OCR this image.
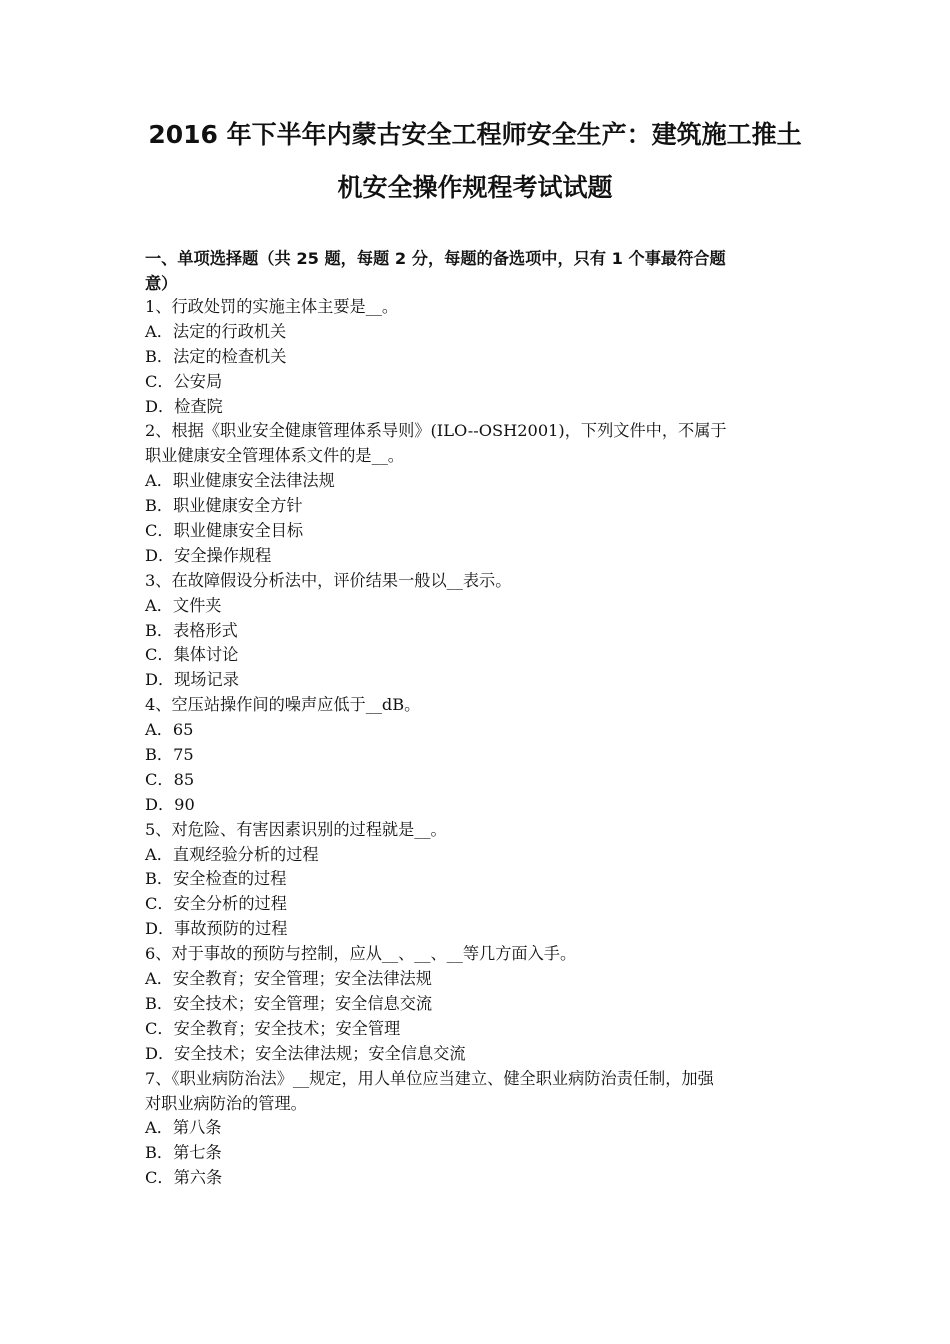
2016 年下半年内蒙古安全工程师安全生产：建筑施工推土
机安全操作规程考试试题
一、单项选择题（共 25 题，每题 2 分，每题的备选项中，只有 1 个事最符合题
意）
1、行政处罚的实施主体主要是__。
A．法定的行政机关
B．法定的检查机关
C．公安局
D．检查院
2、根据《职业安全健康管理体系导则》(ILO--OSH2001)，下列文件中，不属于
职业健康安全管理体系文件的是__。
A．职业健康安全法律法规
B．职业健康安全方针
C．职业健康安全目标
D．安全操作规程
3、在故障假设分析法中，评价结果一般以__表示。
A．文件夹
B．表格形式
C．集体讨论
D．现场记录
4、空压站操作间的噪声应低于__dB。
A．65
B．75
C．85
D．90
5、对危险、有害因素识别的过程就是__。
A．直观经验分析的过程
B．安全检查的过程
C．安全分析的过程
D．事故预防的过程
6、对于事故的预防与控制，应从__、__、__等几方面入手。
A．安全教育；安全管理；安全法律法规
B．安全技术；安全管理；安全信息交流
C．安全教育；安全技术；安全管理
D．安全技术；安全法律法规；安全信息交流
7、《职业病防治法》__规定，用人单位应当建立、健全职业病防治责任制，加强
对职业病防治的管理。
A．第八条
B．第七条
C．第六条
